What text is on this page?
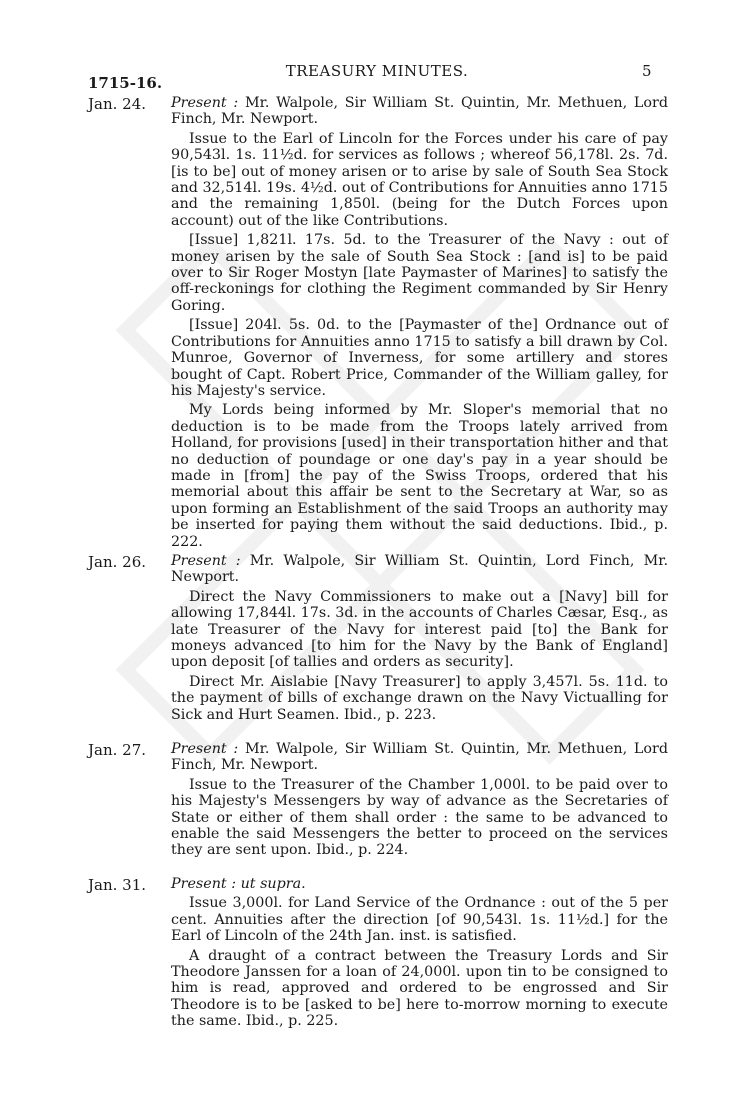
1715-16.
TREASURY MINUTES.	5
Jan. 24. Present : Mr. Walpole, Sir William St. Quintin, Mr. Methuen, Lord Finch, Mr. Newport.

Issue to the Earl of Lincoln for the Forces under his care of pay 90,543l. 1s. 11½d. for services as follows ; whereof 56,178l. 2s. 7d. [is to be] out of money arisen or to arise by sale of South Sea Stock and 32,514l. 19s. 4½d. out of Contributions for Annuities anno 1715 and the remaining 1,850l. (being for the Dutch Forces upon account) out of the like Contributions.

[Issue] 1,821l. 17s. 5d. to the Treasurer of the Navy : out of money arisen by the sale of South Sea Stock : [and is] to be paid over to Sir Roger Mostyn [late Paymaster of Marines] to satisfy the off-reckonings for clothing the Regiment commanded by Sir Henry Goring.

[Issue] 204l. 5s. 0d. to the [Paymaster of the] Ordnance out of Contributions for Annuities anno 1715 to satisfy a bill drawn by Col. Munroe, Governor of Inverness, for some artillery and stores bought of Capt. Robert Price, Commander of the William galley, for his Majesty's service.

My Lords being informed by Mr. Sloper's memorial that no deduction is to be made from the Troops lately arrived from Holland, for provisions [used] in their transportation hither and that no deduction of poundage or one day's pay in a year should be made in [from] the pay of the Swiss Troops, ordered that his memorial about this affair be sent to the Secretary at War, so as upon forming an Establishment of the said Troops an authority may be inserted for paying them without the said deductions. Ibid., p. 222.

Jan. 26. Present : Mr. Walpole, Sir William St. Quintin, Lord Finch, Mr. Newport.

Direct the Navy Commissioners to make out a [Navy] bill for allowing 17,844l. 17s. 3d. in the accounts of Charles Cæsar, Esq., as late Treasurer of the Navy for interest paid [to] the Bank for moneys advanced [to him for the Navy by the Bank of England] upon deposit [of tallies and orders as security].

Direct Mr. Aislabie [Navy Treasurer] to apply 3,457l. 5s. 11d. to the payment of bills of exchange drawn on the Navy Victualling for Sick and Hurt Seamen. Ibid., p. 223.

Jan. 27. Present : Mr. Walpole, Sir William St. Quintin, Mr. Methuen, Lord Finch, Mr. Newport.

Issue to the Treasurer of the Chamber 1,000l. to be paid over to his Majesty's Messengers by way of advance as the Secretaries of State or either of them shall order : the same to be advanced to enable the said Messengers the better to proceed on the services they are sent upon. Ibid., p. 224.

Jan. 31. Present : ut supra.

Issue 3,000l. for Land Service of the Ordnance : out of the 5 per cent. Annuities after the direction [of 90,543l. 1s. 11½d.] for the Earl of Lincoln of the 24th Jan. inst. is satisfied.

A draught of a contract between the Treasury Lords and Sir Theodore Janssen for a loan of 24,000l. upon tin to be consigned to him is read, approved and ordered to be engrossed and Sir Theodore is to be [asked to be] here to-morrow morning to execute the same. Ibid., p. 225.
